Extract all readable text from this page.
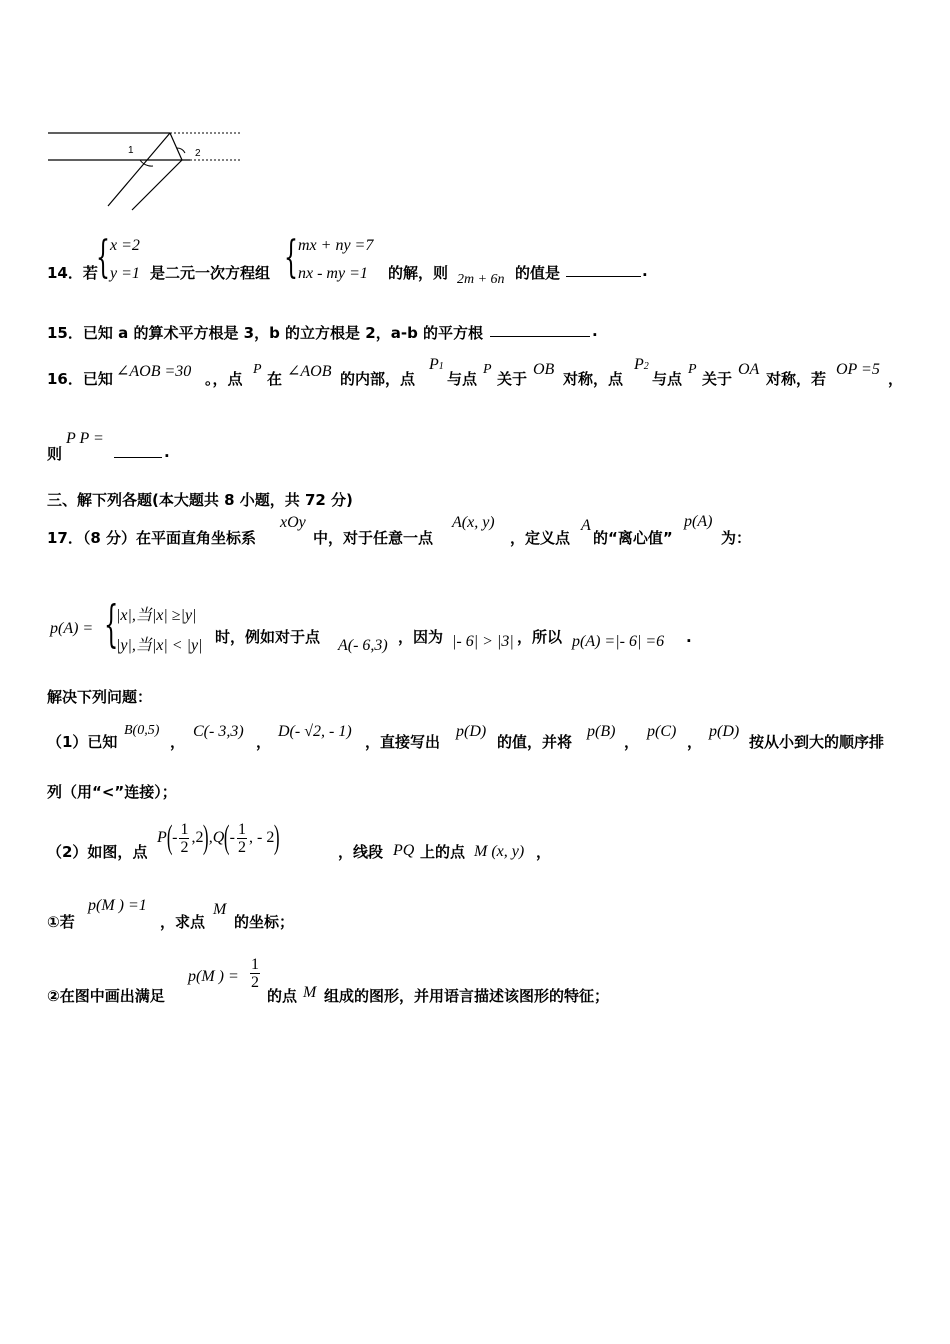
1	2
14．若
{ x =2
y =1 是二元一次方程组 { mx + ny =7
nx - my =1 的解，则 2m + 6n 的值是	.
15．已知 a 的算术平方根是 3，b 的立方根是 2，a-b 的平方根	.
16．已知 ∠AOB =30 。，点
P
在 ∠AOB 的内部，点
P1
与点
P
关于
OB
对称，点
P2
与点
P
关于
OA
对称，若
OP =5
，
则
P P =
.
三、解下列各题(本大题共 8 小题，共 72 分)
17．（8 分）在平面直角坐标系
xOy
中，对于任意一点
A(x, y)
，定义点
A
的“离心值”
p(A)
为：
p(A) = {
|x|,当|x| ≥|y|
|y|,当|x| < |y| 时，例如对于点 A(- 6,3) ，因为 |- 6| > |3| ，所以 p(A) =|- 6| =6 .
解决下列问题：
（1）已知
B(0,5)
，
C(- 3,3)
，
D(- √2, - 1)
，直接写出
p(D)
的值，并将
p(B)
，
p(C)
，
p(D)
按从小到大的顺序排
列（用“<”连接）；
（2）如图，点
P ( - $\frac{1}{2} ,2$ ) ,Q ( - $\frac{1}{2}$ , - 2 )	，线段 PQ 上的点 M (x, y) ，
①若
p(M ) =1
，求点
M
的坐标；
②在图中画出满足
p(M ) = $\frac{1}{2}$
的点 M 组成的图形，并用语言描述该图形的特征；
